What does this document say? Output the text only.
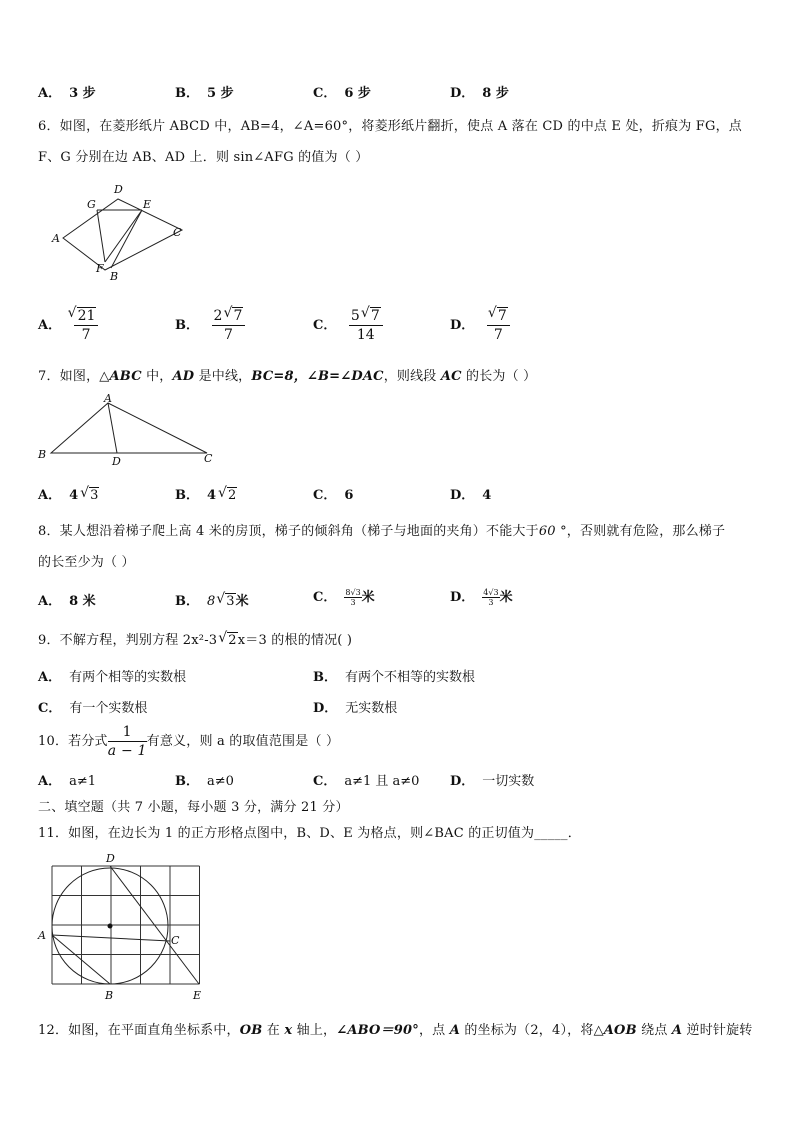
A． 3 步	B． 5 步	C． 6 步	D． 8 步
6．如图，在菱形纸片 ABCD 中，AB=4，∠A=60°，将菱形纸片翻折，使点 A 落在 CD 的中点 E 处，折痕为 FG，点
F、G 分别在边 AB、AD 上．则 sin∠AFG 的值为（ ）
D
G	E
A	C
F
B
A． √ $\frac{21}{7}$	B． $\frac{2 √ 7}{7}$	C． $\frac{5 √ 7}{14}$	D． √ $\frac{7}{7}$
7．如图，△ABC 中，AD 是中线，BC=8，∠B=∠DAC，则线段 AC 的长为（ ）
A
B
D	C
A． 4 √ 3	B． 4 √ 2	C． 6	D． 4
8．某人想沿着梯子爬上高 4 米的房顶，梯子的倾斜角（梯子与地面的夹角）不能大于60 °，否则就有危险，那么梯子
的长至少为（ ）
A． 8 米	B． 8 √ 3米	C． $\frac{8√3}{3}$ 米	D． $\frac{4√3}{3}$ 米
9．不解方程，判别方程 2x²-3 √ 2x＝3 的根的情况( )
A． 有两个相等的实数根	B． 有两个不相等的实数根
C． 有一个实数根	D． 无实数根
10．若分式 $\frac{1}{a - 1}$ 有意义，则 a 的取值范围是（ ）
A． a≠1	B． a≠0	C． a≠1 且 a≠0 D． 一切实数
二、填空题（共 7 小题，每小题 3 分，满分 21 分）
11．如图，在边长为 1 的正方形格点图中，B、D、E 为格点，则∠BAC 的正切值为_____．
D
A	C
B	E
12．如图，在平面直角坐标系中，OB 在 x 轴上，∠ABO＝90°，点 A 的坐标为（2，4），将△AOB 绕点 A 逆时针旋转
